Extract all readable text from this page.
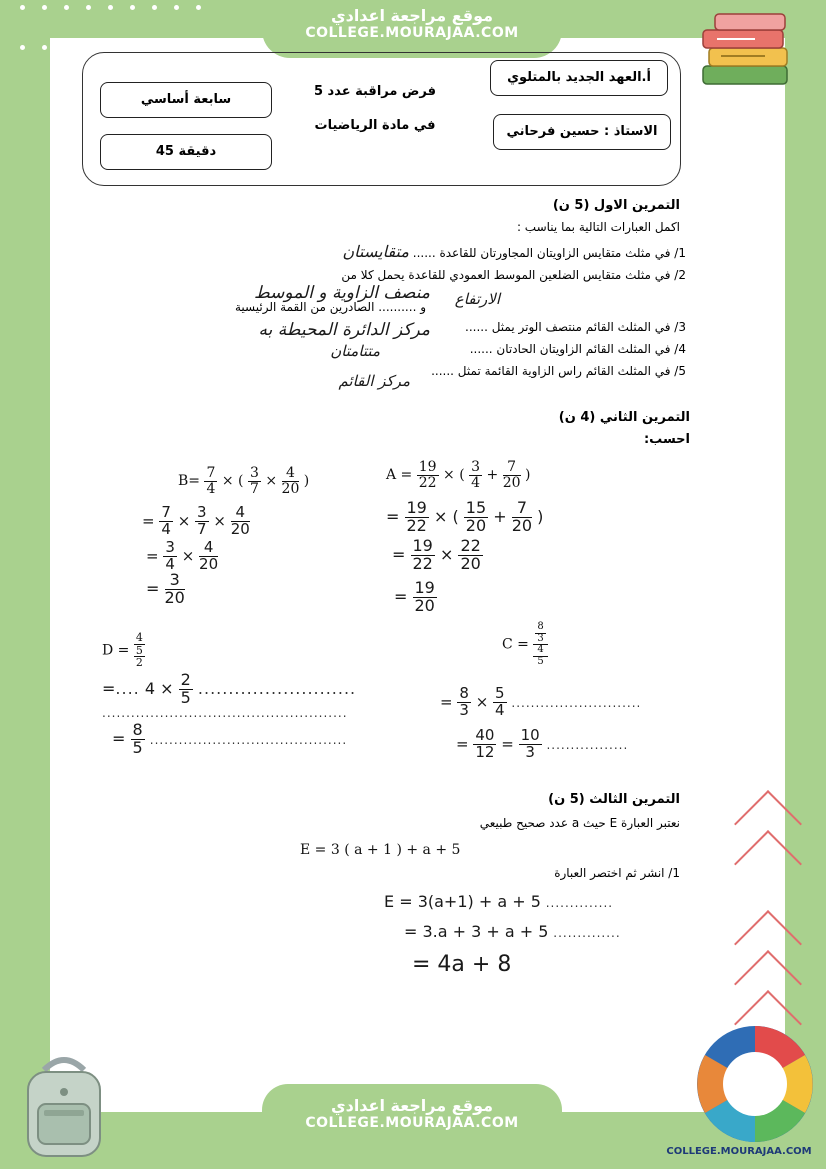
موقع مراجعة اعدادي
COLLEGE.MOURAJAA.COM
أ.العهد الجديد بالمتلوي
الاستاذ : حسين فرحاني
سابعة أساسي
45 دقيقة
فرض مراقبة عدد 5
في مادة الرياضيات
التمرين الاول (5 ن)
اكمل العبارات التالية بما يناسب :
1/ في مثلث متقايس الزاويتان المجاورتان للقاعدة ...... متقايستان
2/ في مثلث متقايس الضلعين الموسط العمودي للقاعدة يحمل كلا من
منصف الزاوية و الموسط
و .......... الصادرين من القمة الرئيسية	الارتفاع
3/ في المثلث القائم منتصف الوتر يمثل ......
مركز الدائرة المحيطة به
4/ في المثلث القائم الزاويتان الحادتان ......
متتامتان
5/ في المثلث القائم راس الزاوية القائمة تمثل ......
مركز القائم
التمرين الثاني (4 ن)
احسب:
$A = \frac{19}{22}$ × ( $\frac{3}{4} + \frac{7}{20}$ )
= $\frac{19}{22}$ × ( $\frac{15}{20} + \frac{7}{20}$ )
= $\frac{19}{22} \times \frac{22}{20}$
= $\frac{19}{20}$
$B= \frac{7}{4}$ × ( $\frac{3}{7} \times \frac{4}{20}$ )
= $\frac{7}{4} \times \frac{3}{7} \times \frac{4}{20}$
= $\frac{3}{4} \times \frac{4}{20}$
= $\frac{3}{20}$
D = 4
5
2
=.... $4 \times \frac{2}{5}$ ..........................
...................................................
= $\frac{8}{5}$ .........................................
C = 8
3
4
5
= $\frac{8}{3} \times \frac{5}{4}$ ...........................
= $\frac{40}{12} = \frac{10}{3}$ .................
التمرين الثالث (5 ن)
نعتبر العبارة E حيث a عدد صحيح طبيعي
E = 3 ( a + 1 ) + a + 5
1/ انشر ثم اختصر العبارة
E = 3(a+1) + a + 5 ..............
= 3.a + 3 + a + 5 ..............
= 4a + 8
موقع مراجعة اعدادي
COLLEGE.MOURAJAA.COM
COLLEGE.MOURAJAA.COM
